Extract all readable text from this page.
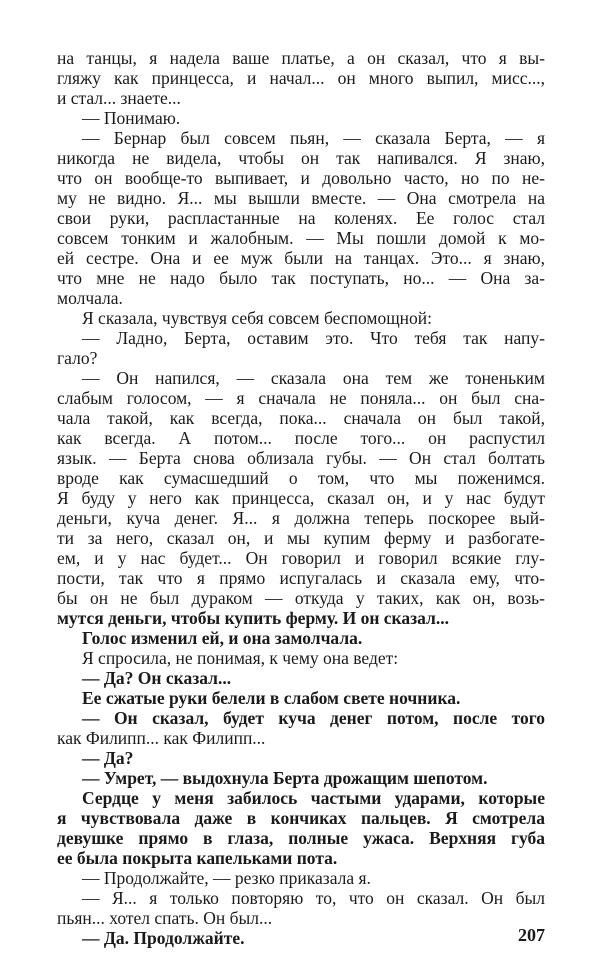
на танцы, я надела ваше платье, а он сказал, что я вы-
гляжу как принцесса, и начал... он много выпил, мисс...,
и стал... знаете...
— Понимаю.
— Бернар был совсем пьян, — сказала Берта, — я
никогда не видела, чтобы он так напивался. Я знаю,
что он вообще-то выпивает, и довольно часто, но по не-
му не видно. Я... мы вышли вместе. — Она смотрела на
свои руки, распластанные на коленях. Ее голос стал
совсем тонким и жалобным. — Мы пошли домой к мо-
ей сестре. Она и ее муж были на танцах. Это... я знаю,
что мне не надо было так поступать, но... — Она за-
молчала.
Я сказала, чувствуя себя совсем беспомощной:
— Ладно, Берта, оставим это. Что тебя так напу-
гало?
— Он напился, — сказала она тем же тоненьким
слабым голосом, — я сначала не поняла... он был сна-
чала такой, как всегда, пока... сначала он был такой,
как всегда. А потом... после того... он распустил
язык. — Берта снова облизала губы. — Он стал болтать
вроде как сумасшедший о том, что мы поженимся.
Я буду у него как принцесса, сказал он, и у нас будут
деньги, куча денег. Я... я должна теперь поскорее вый-
ти за него, сказал он, и мы купим ферму и разбогате-
ем, и у нас будет... Он говорил и говорил всякие глу-
пости, так что я прямо испугалась и сказала ему, что-
бы он не был дураком — откуда у таких, как он, возь-
мутся деньги, чтобы купить ферму. И он сказал...
Голос изменил ей, и она замолчала.
Я спросила, не понимая, к чему она ведет:
— Да? Он сказал...
Ее сжатые руки белели в слабом свете ночника.
— Он сказал, будет куча денег потом, после того
как Филипп... как Филипп...
— Да?
— Умрет, — выдохнула Берта дрожащим шепотом.
Сердце у меня забилось частыми ударами, которые
я чувствовала даже в кончиках пальцев. Я смотрела
девушке прямо в глаза, полные ужаса. Верхняя губа
ее была покрыта капельками пота.
— Продолжайте, — резко приказала я.
— Я... я только повторяю то, что он сказал. Он был
пьян... хотел спать. Он был...
— Да. Продолжайте.	207
